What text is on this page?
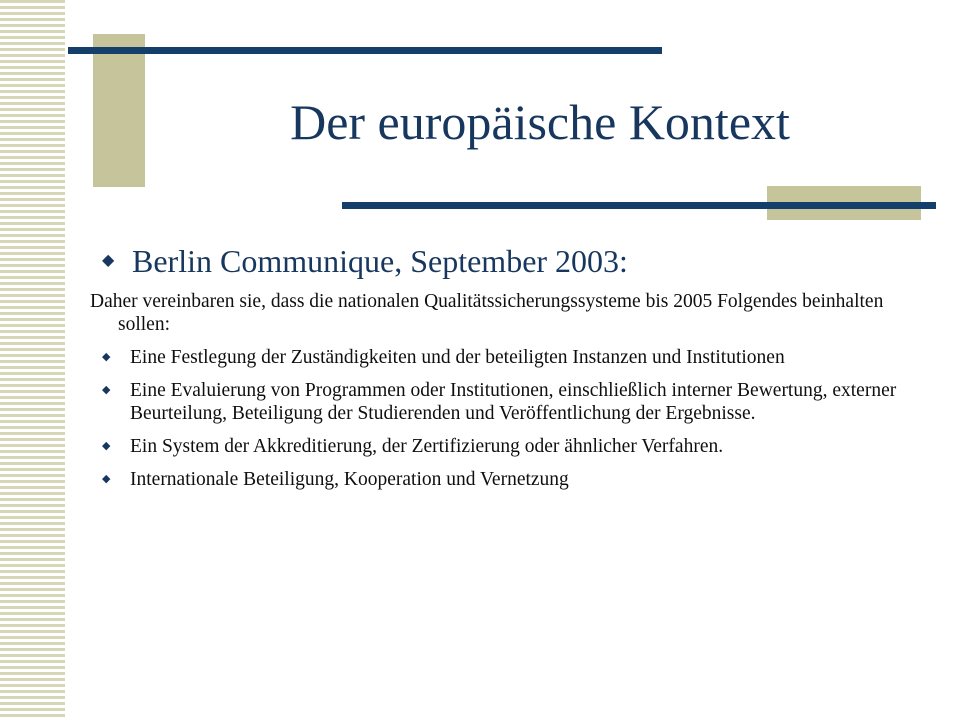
Der europäische Kontext
◆ Berlin Communique, September 2003:
Daher vereinbaren sie, dass die nationalen Qualitätssicherungssysteme bis 2005 Folgendes beinhalten sollen:
◆	Eine Festlegung der Zuständigkeiten und der beteiligten Instanzen und Institutionen
◆	Eine Evaluierung von Programmen oder Institutionen, einschließlich interner Bewertung, externer Beurteilung, Beteiligung der Studierenden und Veröffentlichung der Ergebnisse.
◆	Ein System der Akkreditierung, der Zertifizierung oder ähnlicher Verfahren.
◆	Internationale Beteiligung, Kooperation und Vernetzung
